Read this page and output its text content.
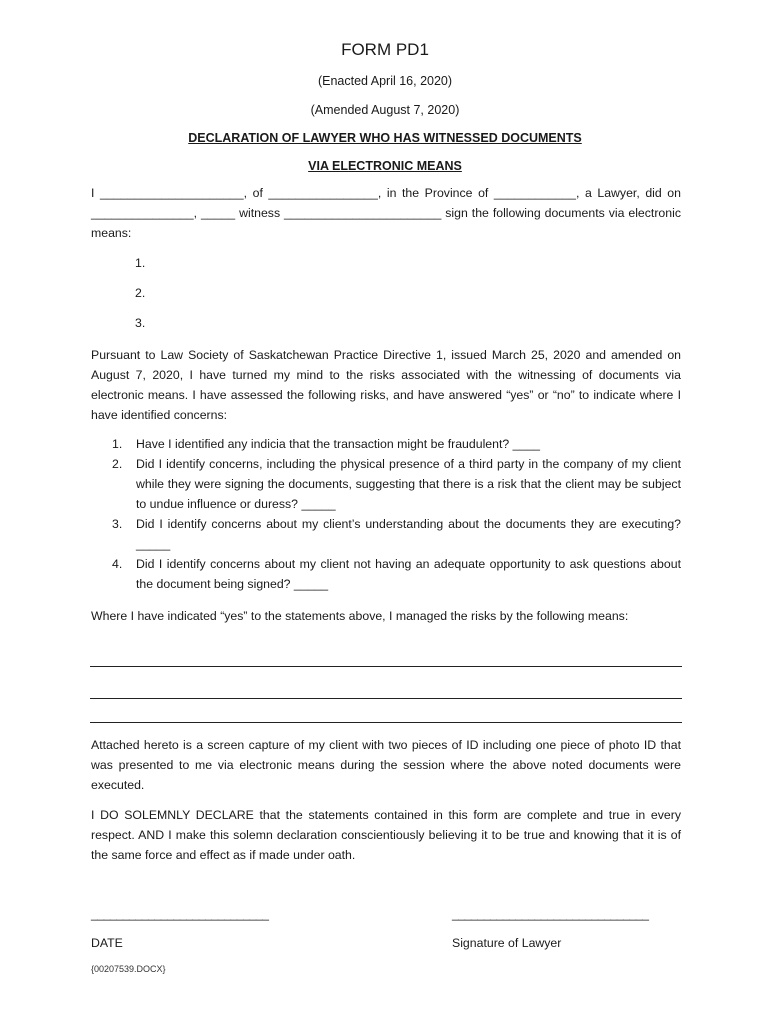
FORM PD1
(Enacted April 16, 2020)
(Amended August 7, 2020)
DECLARATION OF LAWYER WHO HAS WITNESSED DOCUMENTS
VIA ELECTRONIC MEANS

I _____________________, of ________________, in the Province of ____________, a Lawyer, did on _______________, _____ witness _______________________ sign the following documents via electronic means:

1.
2.
3.

Pursuant to Law Society of Saskatchewan Practice Directive 1, issued March 25, 2020 and amended on August 7, 2020, I have turned my mind to the risks associated with the witnessing of documents via electronic means. I have assessed the following risks, and have answered “yes” or “no” to indicate where I have identified concerns:

1. Have I identified any indicia that the transaction might be fraudulent? ____
2. Did I identify concerns, including the physical presence of a third party in the company of my client while they were signing the documents, suggesting that there is a risk that the client may be subject to undue influence or duress? _____
3. Did I identify concerns about my client’s understanding about the documents they are executing? _____
4. Did I identify concerns about my client not having an adequate opportunity to ask questions about the document being signed? _____

Where I have indicated “yes” to the statements above, I managed the risks by the following means:

Attached hereto is a screen capture of my client with two pieces of ID including one piece of photo ID that was presented to me via electronic means during the session where the above noted documents were executed.

I DO SOLEMNLY DECLARE that the statements contained in this form are complete and true in every respect. AND I make this solemn declaration conscientiously believing it to be true and knowing that it is of the same force and effect as if made under oath.

____________________________	_______________________________
DATE	Signature of Lawyer
{00207539.DOCX}
